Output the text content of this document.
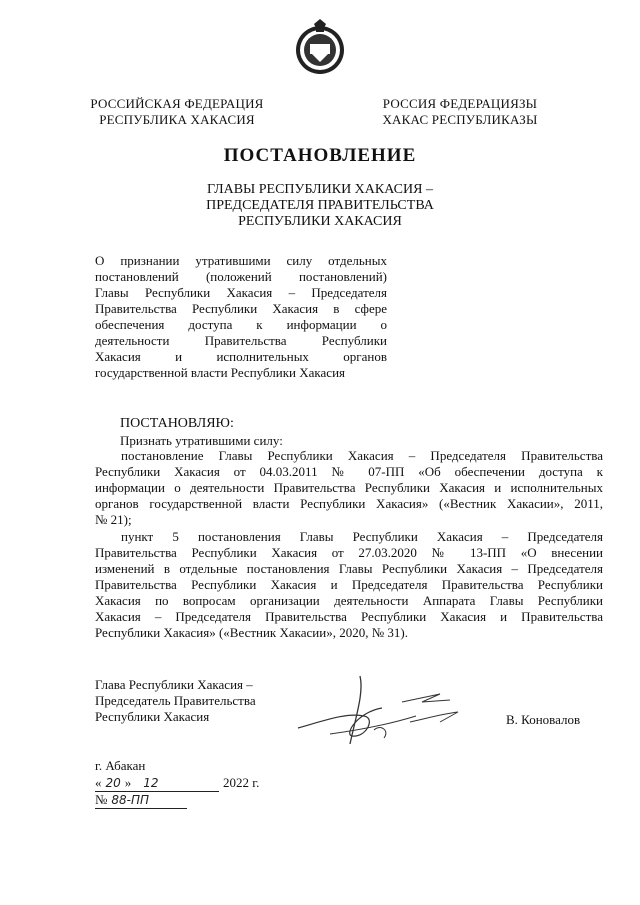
РОССИЙСКАЯ ФЕДЕРАЦИЯ
РЕСПУБЛИКА ХАКАСИЯ
РОССИЯ ФЕДЕРАЦИЯЗЫ
ХАКАС РЕСПУБЛИКАЗЫ
ПОСТАНОВЛЕНИЕ
ГЛАВЫ РЕСПУБЛИКИ ХАКАСИЯ –
ПРЕДСЕДАТЕЛЯ ПРАВИТЕЛЬСТВА
РЕСПУБЛИКИ ХАКАСИЯ
О признании утратившими силу отдельных
постановлений (положений постановлений)
Главы Республики Хакасия – Председателя
Правительства Республики Хакасия в сфере
обеспечения доступа к информации о
деятельности Правительства Республики
Хакасия и исполнительных органов
государственной власти Республики Хакасия
ПОСТАНОВЛЯЮ:
Признать утратившими силу:
постановление Главы Республики Хакасия – Председателя Правительства
Республики Хакасия от 04.03.2011 № 07-ПП «Об обеспечении доступа к
информации о деятельности Правительства Республики Хакасия и исполнительных
органов государственной власти Республики Хакасия» («Вестник Хакасии», 2011,
№ 21);
пункт 5 постановления Главы Республики Хакасия – Председателя
Правительства Республики Хакасия от 27.03.2020 № 13-ПП «О внесении
изменений в отдельные постановления Главы Республики Хакасия – Председателя
Правительства Республики Хакасия и Председателя Правительства Республики
Хакасия по вопросам организации деятельности Аппарата Главы Республики
Хакасия – Председателя Правительства Республики Хакасия и Правительства
Республики Хакасия» («Вестник Хакасии», 2020, № 31).
Глава Республики Хакасия –
Председатель Правительства
Республики Хакасия	В. Коновалов
г. Абакан
« 20 » 12	2022 г.
№ 88-ПП
